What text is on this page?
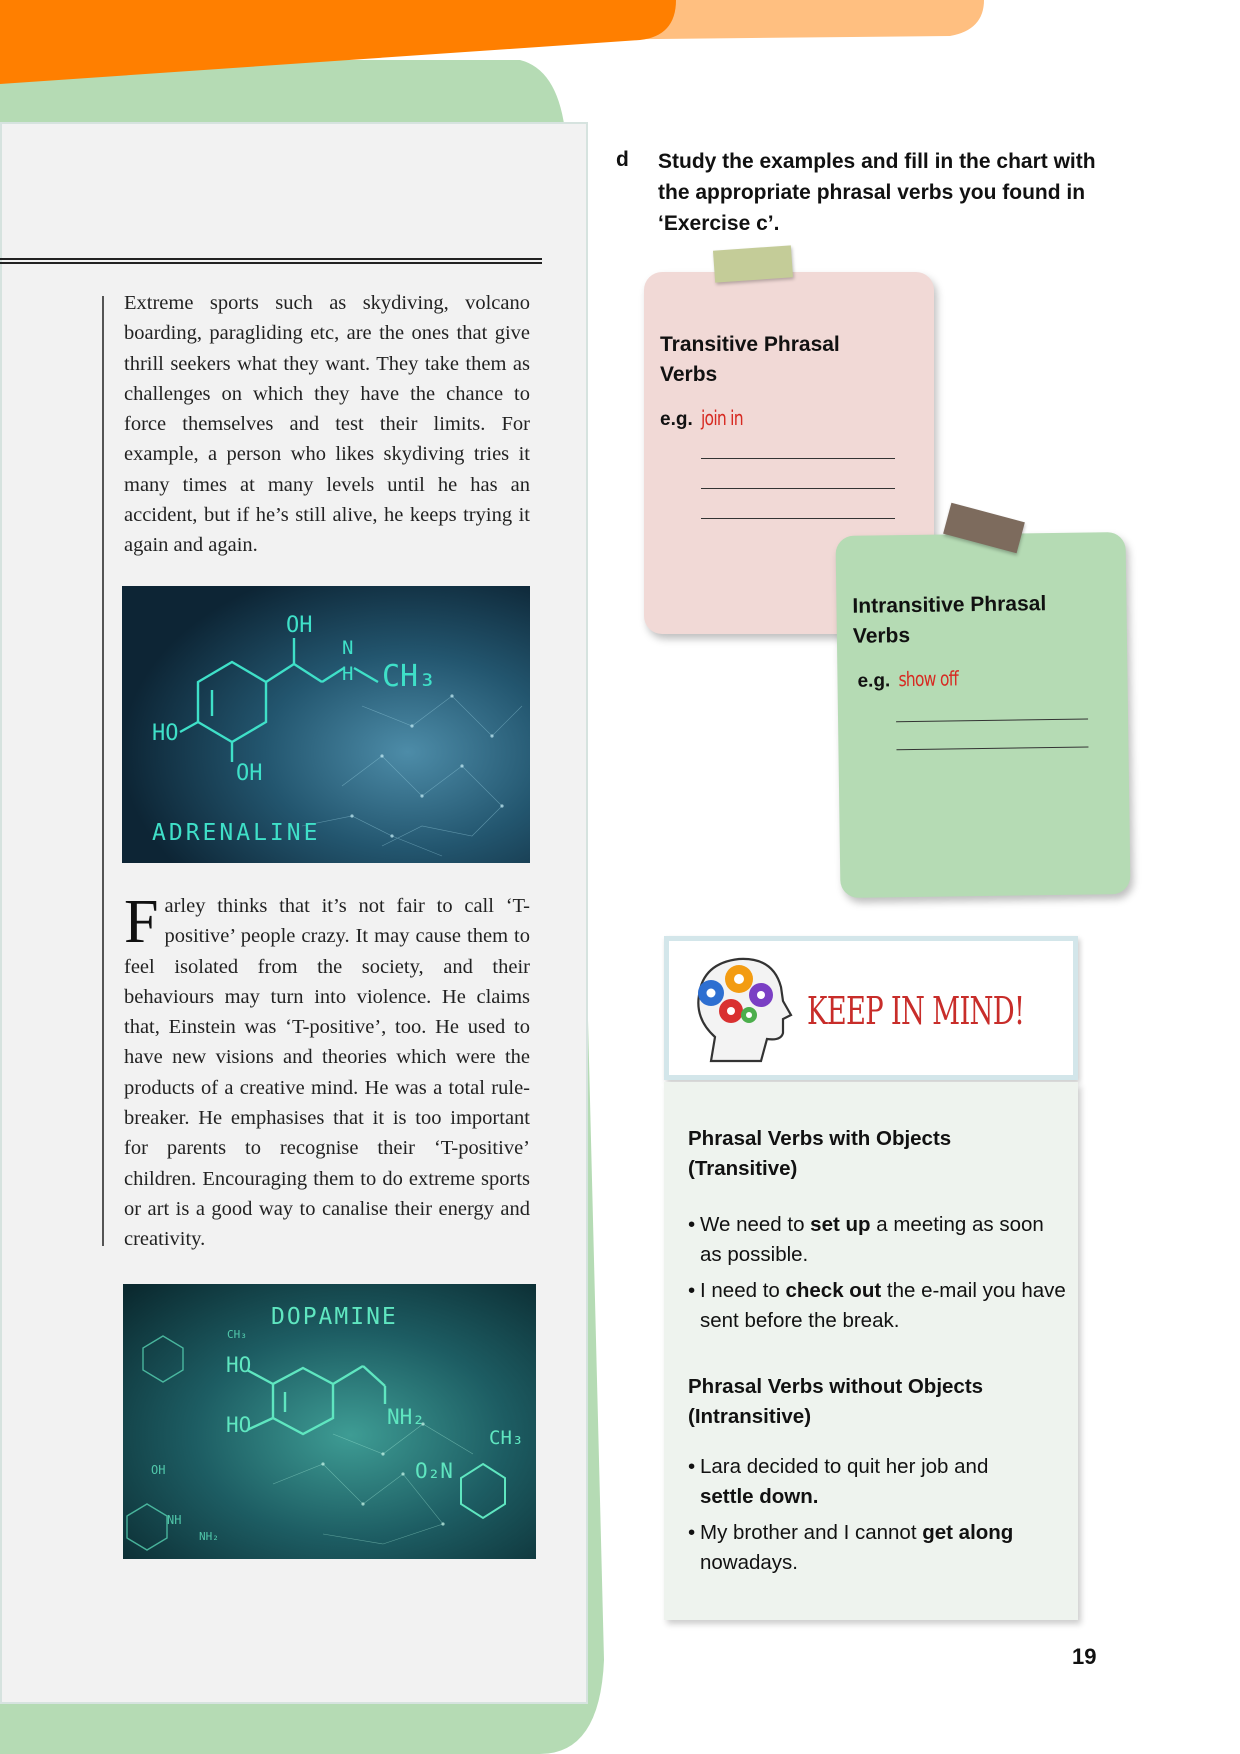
Extreme sports such as skydiving, volcano boarding, paragliding etc, are the ones that give thrill seekers what they want. They take them as challenges on which they have the chance to force themselves and test their limits. For example, a person who likes skydiving tries it many times at many levels until he has an accident, but if he’s still alive, he keeps trying it again and again.

OH
N
H CH₃
HO
OH
ADRENALINE

Farley thinks that it’s not fair to call ‘T-positive’ people crazy. It may cause them to feel isolated from the society, and their behaviours may turn into violence. He claims that, Einstein was ‘T-positive’, too. He used to have new visions and theories which were the products of a creative mind. He was a total rule-breaker. He emphasises that it is too important for parents to recognise their ‘T-positive’ children. Encouraging them to do extreme sports or art is a good way to canalise their energy and creativity.

DOPAMINE
HO
HO	NH₂
CH₃
O₂N
OH
NH
NH₂
CH₃
d Study the examples and fill in the chart with the appropriate phrasal verbs you found in ‘Exercise c’.
Transitive Phrasal Verbs
e.g. join in
Intransitive Phrasal Verbs
e.g. show off
KEEP IN MIND!
Phrasal Verbs with Objects (Transitive)
• We need to set up a meeting as soon as possible.
• I need to check out the e-mail you have sent before the break.
Phrasal Verbs without Objects (Intransitive)
• Lara decided to quit her job and settle down.
• My brother and I cannot get along nowadays.
19
